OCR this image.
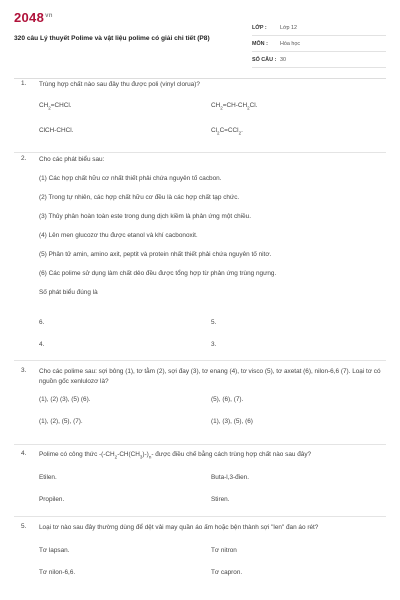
$2048^{vn}$
320 câu Lý thuyết Polime và vật liệu polime có giải chi tiết (P8)
LỚP :	Lớp 12
MÔN :	Hóa học
SỐ CÂU : 30
1. Trùng hợp chất nào sau đây thu được poli (vinyl clorua)?
$CH_2=CHCl$.	$CH_2=CH-CH_2Cl$.
ClCH-CHCl.	$Cl_2C=CCl_2$.
2. Cho các phát biểu sau:
(1) Các hợp chất hữu cơ nhất thiết phải chứa nguyên tố cacbon.
(2) Trong tự nhiên, các hợp chất hữu cơ đều là các hợp chất tạp chức.
(3) Thủy phân hoàn toàn este trong dung dịch kiềm là phản ứng một chiều.
(4) Lên men glucozơ thu được etanol và khí cacbonoxit.
(5) Phân tử amin, amino axit, peptit và protein nhất thiết phải chứa nguyên tố nitơ.
(6) Các polime sử dụng làm chất dẻo đều được tổng hợp từ phản ứng trùng ngưng.
Số phát biểu đúng là
6.	5.
4.	3.
3. Cho các polime sau: sợi bông (1), tơ tằm (2), sợi đay (3), tơ enang (4), tơ visco (5), tơ axetat (6), nilon-6,6 (7). Loại tơ có nguồn gốc xenlulozơ là?
(1), (2) (3), (5) (6).	(5), (6), (7).
(1), (2), (5), (7).	(1), (3), (5), (6)
4. Polime có công thức $-(-CH_2-CH(CH_3)-)_n-$ được điều chế bằng cách trùng hợp chất nào sau đây?
Etilen.	Buta-l,3-đien.
Propilen.	Stiren.
5. Loại tơ nào sau đây thường dùng để dệt vải may quần áo ấm hoặc bện thành sợi "len" đan áo rét?
Tơ lapsan.	Tơ nitron
Tơ nilon-6,6.	Tơ capron.
